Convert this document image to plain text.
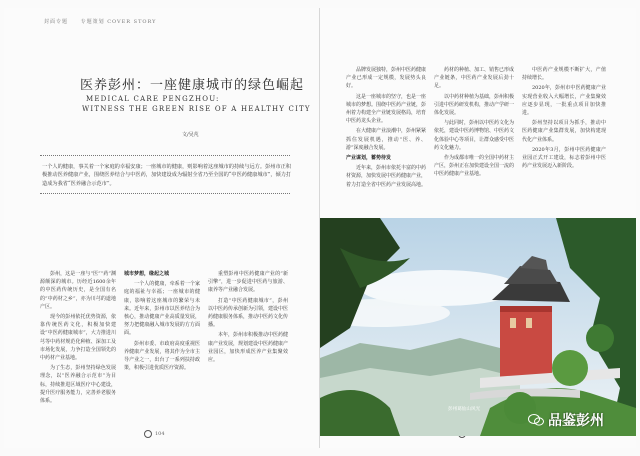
封面专题	专题策划 COVER STORY
医养彭州：一座健康城市的绿色崛起
MEDICAL CARE PENGZHOU:
WITNESS THE GREEN RISE OF A HEALTHY CITY
文/吴芃
一个人的健康，事关着一个家庭的幸福安康；一座城市的健康，则影响着这座城市的持续与远方。彭州市正积极推动医养健康产业，围绕医养结合与中医药，加快建设成为辐射全省乃至全国的“中医药健康城市”，倾力打造成为我省“医养融合示范市”。

彭州，这是一座与“医”“药”渊源颇深的城市。历经近1600余年的中医药传统历史，是全国有名的“中药材之乡”，亦为川芎的道地产区。

现今的彭州依托优势资源，依靠传统医药文化，积极加快建设“中医药健康城市”，大力推进川芎等中药材规范化种植、深加工及市场化发展，力争打造全国领先的中药材产业基地。

为了生态，彭州坚持绿色发展理念，以“医养融合示范市”为目标，持续推进区域医疗中心建设，提升医疗服务能力，完善养老服务体系。

城市梦想，缘起之城

一个人的健康，牵系着一个家庭的福祉与幸福；一座城市的健康，影响着这座城市的繁荣与未来。近年来，彭州市以医养结合为核心，推动健康产业高质量发展，努力把健康融入城市发展的方方面面。

彭州市委、市政府高度重视医养健康产业发展，将其作为全市主导产业之一，出台了一系列扶持政策，积极引进优质医疗资源。

重塑彭州中医药健康产业的“新引擎”，进一步促进中医药与旅游、康养等产业融合发展。

打造“中医药健康城市”，彭州以中医药传承创新为引领，建设中医药健康服务体系，推动中医药文化传播。

本年，彭州市积极推动中医药健康产业发展，规划建设中医药健康产业园区，加快形成医养产业集聚效应。

104

品牌发展独特，彭州中医药健康产业已形成一定规模，发展势头良好。

这是一座城市的坚守，也是一座城市的梦想。围绕中医药产业链，彭州着力构建全产业链发展格局，培育中医药龙头企业。

在大健康产业浪潮中，彭州紧紧抓住发展机遇，推动“医、养、游”深度融合发展。

产业谋划，蓄势待发

近年来，彭州市依托丰富的中药材资源，加快发展中医药健康产业，着力打造全省中医药产业发展高地。

药材的种植、加工、销售已形成产业链条，中医药产业发展后劲十足。

以中药材种植为基础，彭州积极引进中医药研发机构，推动产学研一体化发展。

与此同时，彭州以中医药文化为依托，建设中医药博物馆、中医药文化体验中心等项目，让群众感受中医药文化魅力。

作为成都市唯一的全国中药材主产区，彭州正在加快建设全国一流的中医药健康产业基地。

中医药产业规模不断扩大，产值持续增长。

2020年，彭州市中医药健康产业实现营业收入大幅增长，产业集聚效应逐步显现，一批重点项目加快推进。

彭州坚持以项目为抓手，推动中医药健康产业集群发展，加快构建现代化产业体系。

2020年3月，彭州中医药健康产业园正式开工建设，标志着彭州中医药产业发展迈入新阶段。

彭州葛仙山风光
品鉴彭州
